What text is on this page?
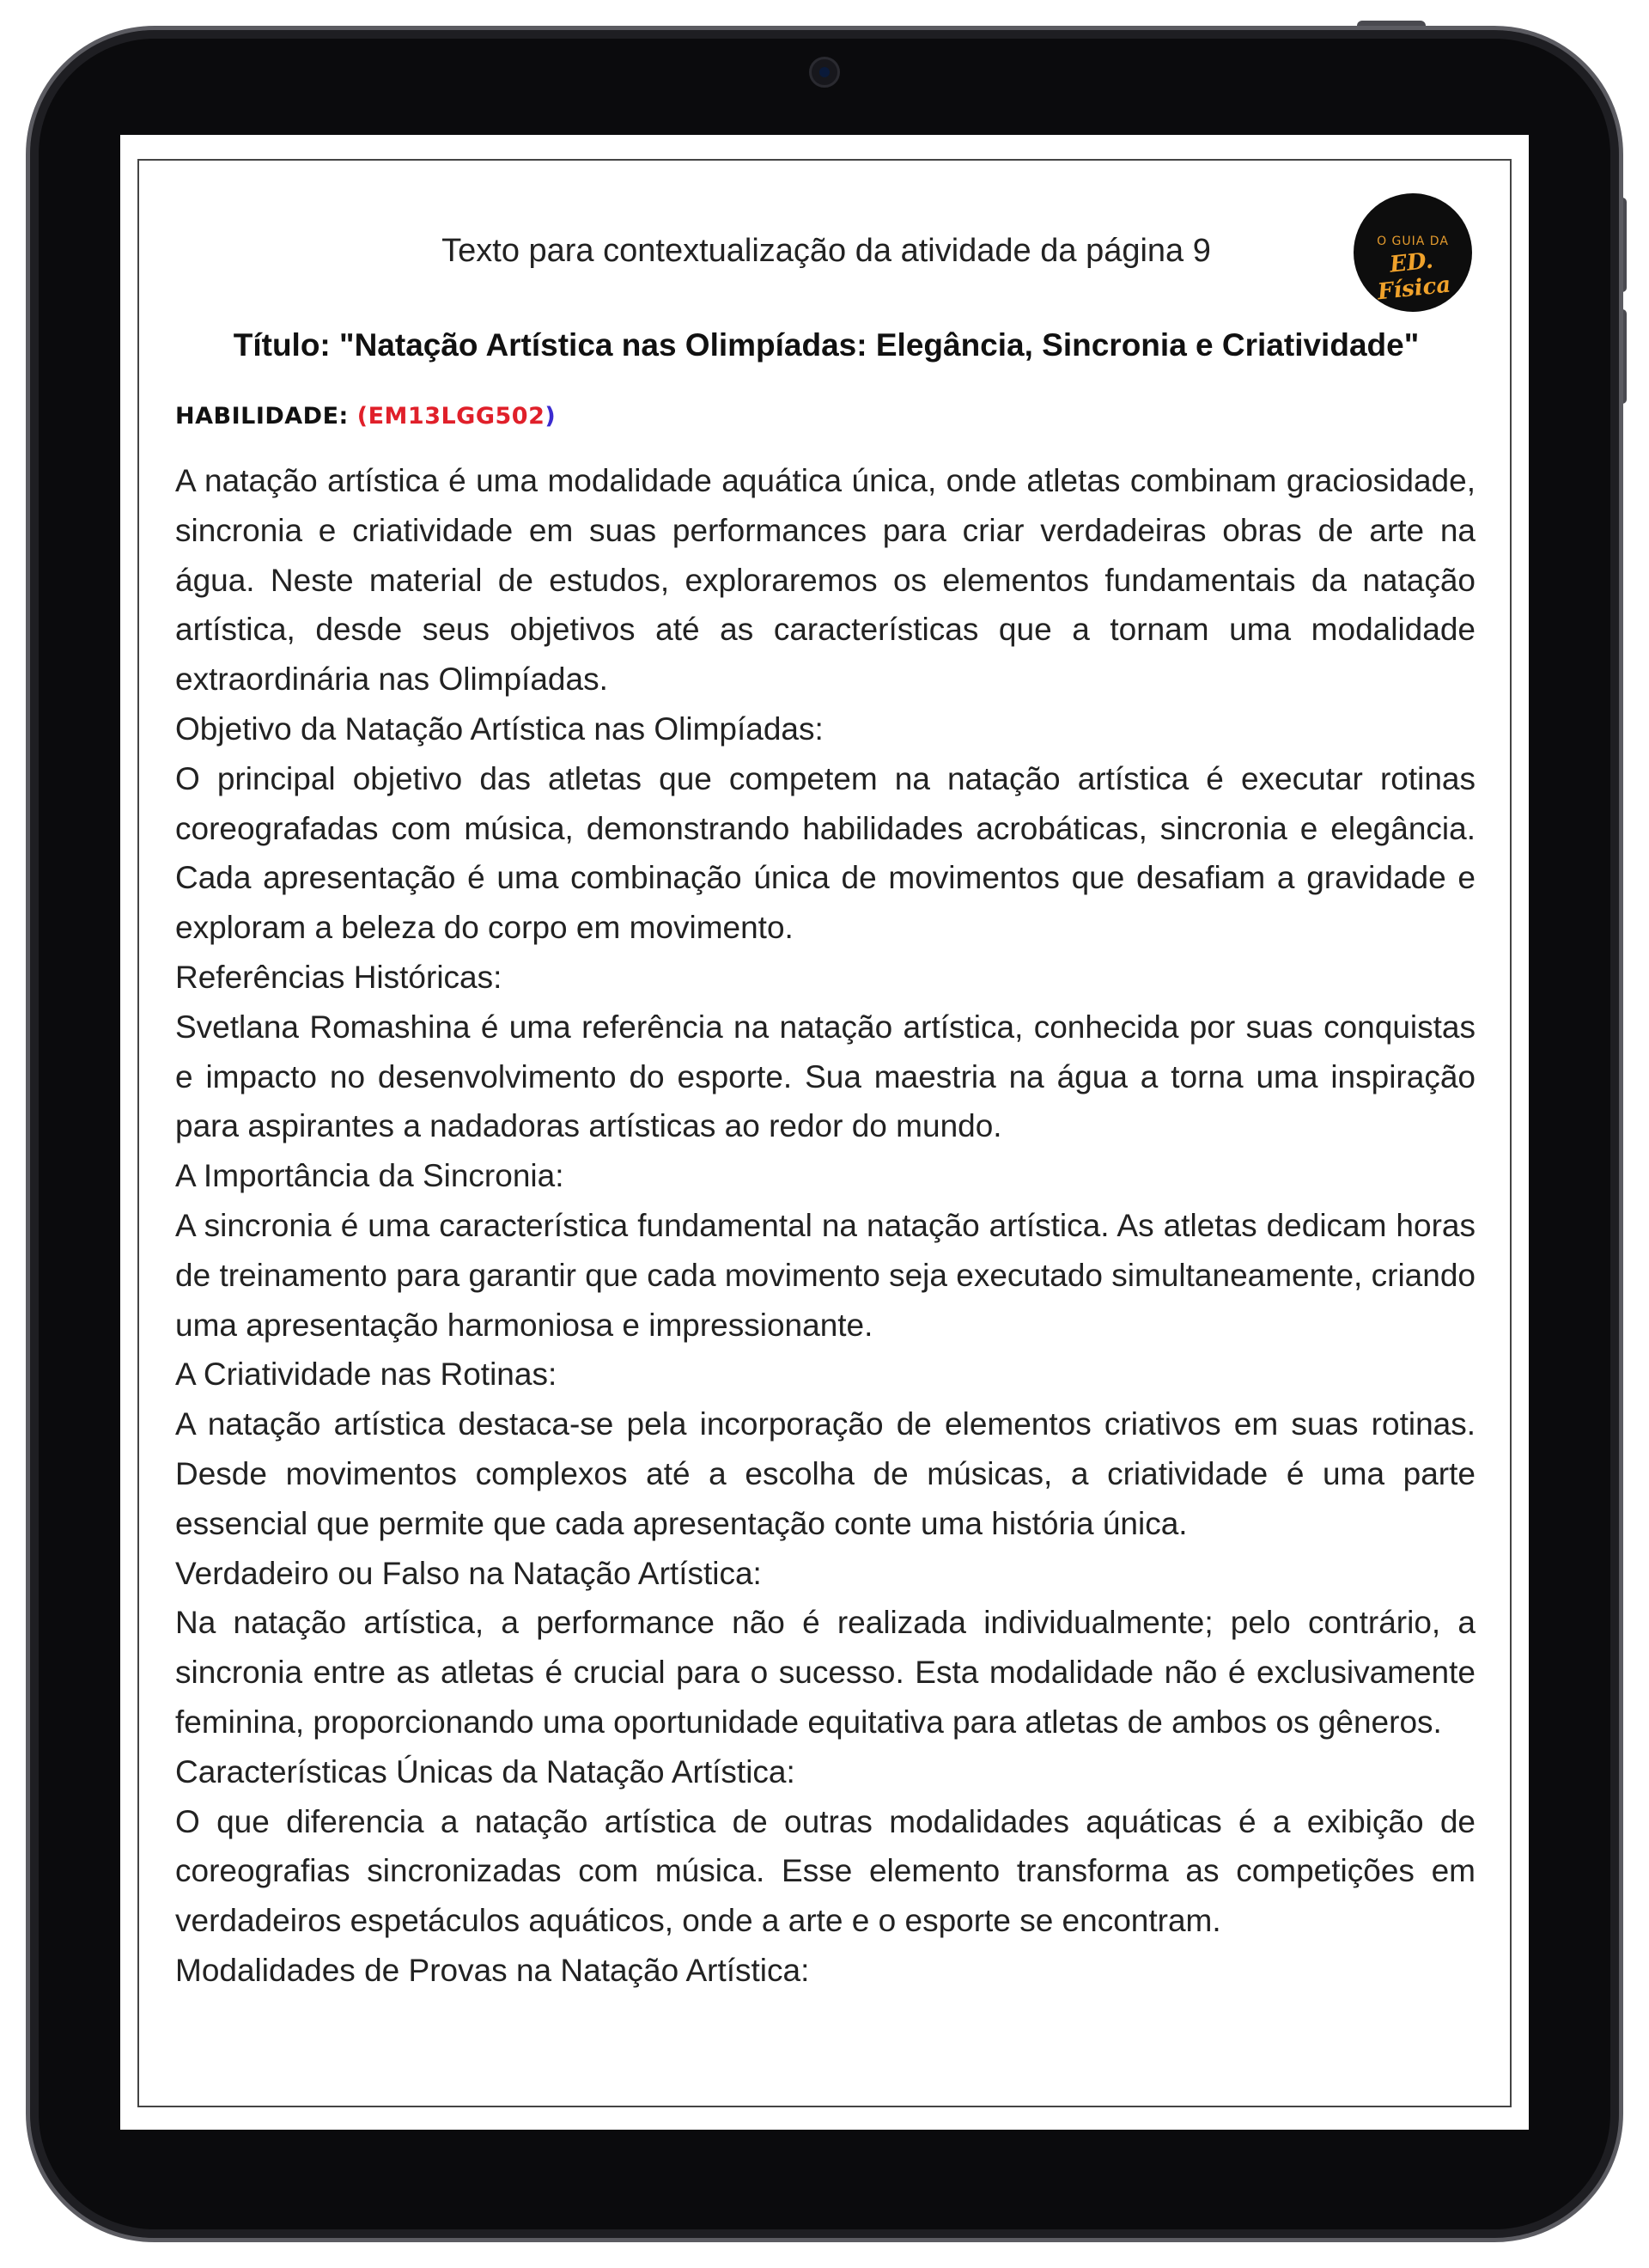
Texto para contextualização da atividade da página 9	O GUIA DA
ED. Física
Título: "Natação Artística nas Olimpíadas: Elegância, Sincronia e Criatividade"
HABILIDADE: (EM13LGG502)

A natação artística é uma modalidade aquática única, onde atletas combinam graciosidade, sincronia e criatividade em suas performances para criar verdadeiras obras de arte na água. Neste material de estudos, exploraremos os elementos fundamentais da natação artística, desde seus objetivos até as características que a tornam uma modalidade extraordinária nas Olimpíadas.

Objetivo da Natação Artística nas Olimpíadas:

O principal objetivo das atletas que competem na natação artística é executar rotinas coreografadas com música, demonstrando habilidades acrobáticas, sincronia e elegância. Cada apresentação é uma combinação única de movimentos que desafiam a gravidade e exploram a beleza do corpo em movimento.

Referências Históricas:

Svetlana Romashina é uma referência na natação artística, conhecida por suas conquistas e impacto no desenvolvimento do esporte. Sua maestria na água a torna uma inspiração para aspirantes a nadadoras artísticas ao redor do mundo.

A Importância da Sincronia:

A sincronia é uma característica fundamental na natação artística. As atletas dedicam horas de treinamento para garantir que cada movimento seja executado simultaneamente, criando uma apresentação harmoniosa e impressionante.

A Criatividade nas Rotinas:

A natação artística destaca-se pela incorporação de elementos criativos em suas rotinas. Desde movimentos complexos até a escolha de músicas, a criatividade é uma parte essencial que permite que cada apresentação conte uma história única.

Verdadeiro ou Falso na Natação Artística:

Na natação artística, a performance não é realizada individualmente; pelo contrário, a sincronia entre as atletas é crucial para o sucesso. Esta modalidade não é exclusivamente feminina, proporcionando uma oportunidade equitativa para atletas de ambos os gêneros.

Características Únicas da Natação Artística:

O que diferencia a natação artística de outras modalidades aquáticas é a exibição de coreografias sincronizadas com música. Esse elemento transforma as competições em verdadeiros espetáculos aquáticos, onde a arte e o esporte se encontram.

Modalidades de Provas na Natação Artística:
